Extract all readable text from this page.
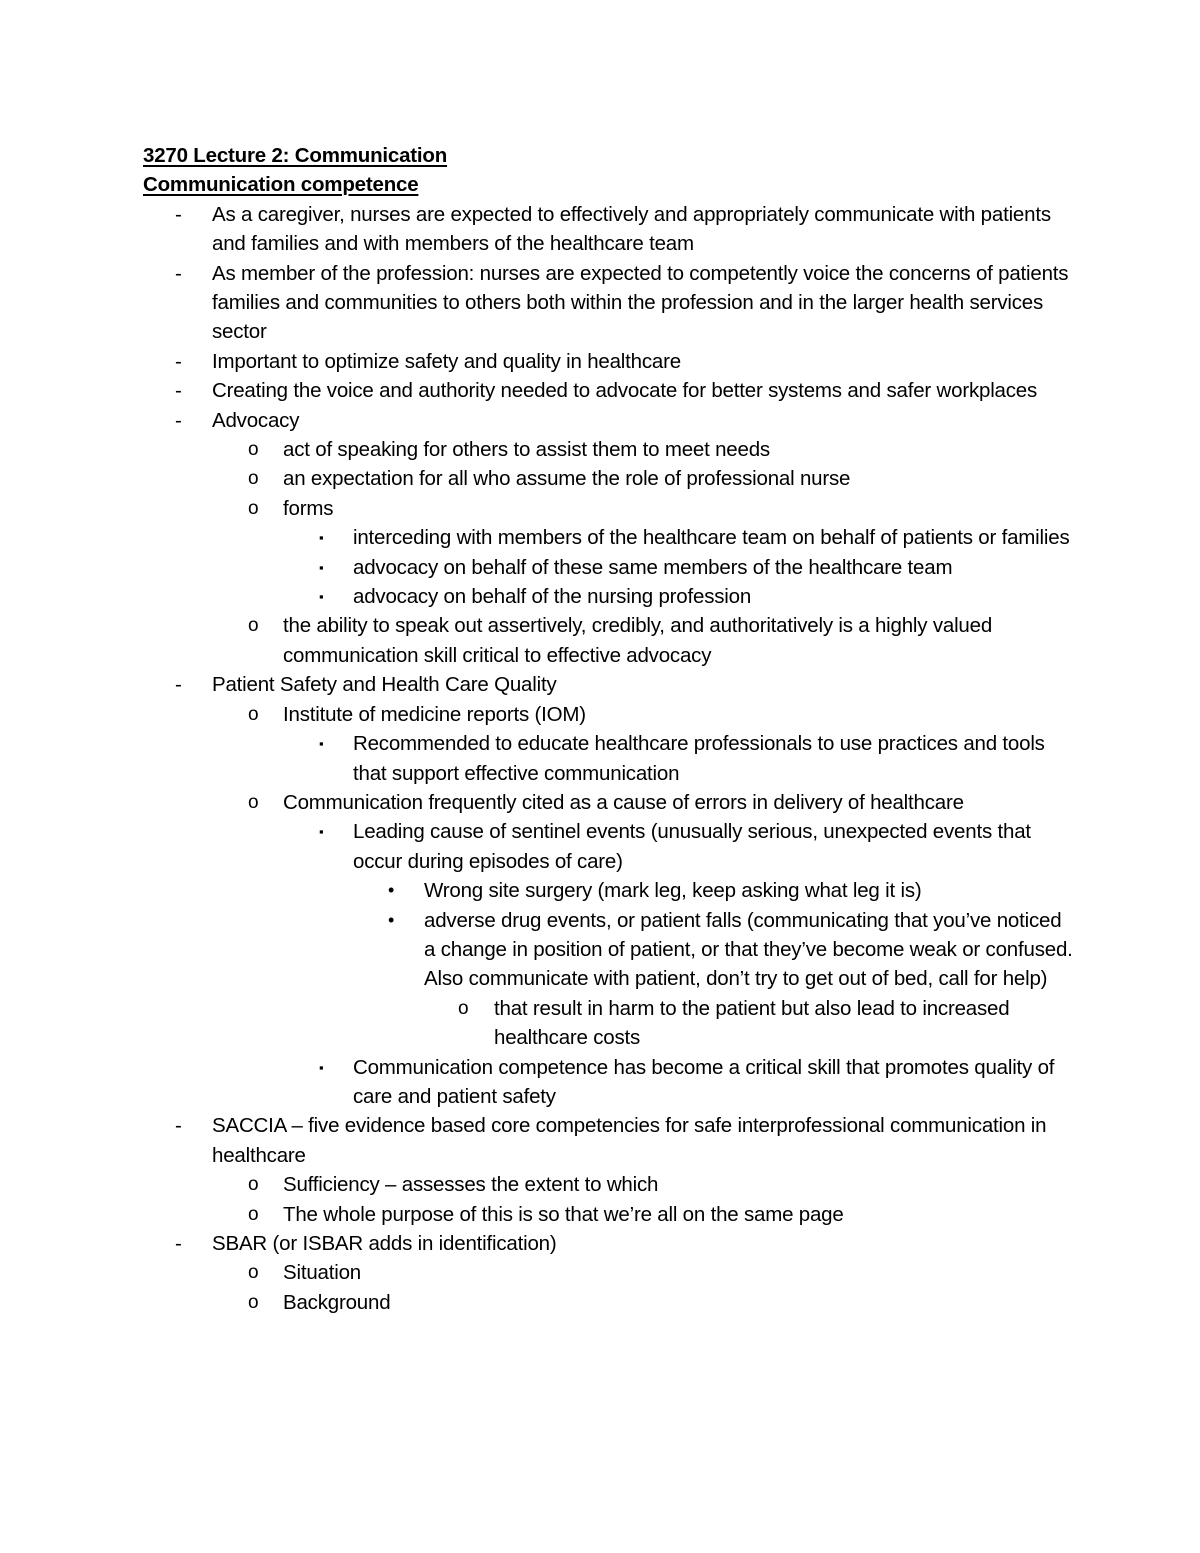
3270 Lecture 2: Communication
Communication competence
- As a caregiver, nurses are expected to effectively and appropriately communicate with patients and families and with members of the healthcare team
- As member of the profession: nurses are expected to competently voice the concerns of patients families and communities to others both within the profession and in the larger health services sector
- Important to optimize safety and quality in healthcare
- Creating the voice and authority needed to advocate for better systems and safer workplaces
- Advocacy
o act of speaking for others to assist them to meet needs
o an expectation for all who assume the role of professional nurse
o forms
▪ interceding with members of the healthcare team on behalf of patients or families
▪ advocacy on behalf of these same members of the healthcare team
▪ advocacy on behalf of the nursing profession
o the ability to speak out assertively, credibly, and authoritatively is a highly valued communication skill critical to effective advocacy
- Patient Safety and Health Care Quality
o Institute of medicine reports (IOM)
▪ Recommended to educate healthcare professionals to use practices and tools that support effective communication
o Communication frequently cited as a cause of errors in delivery of healthcare
▪ Leading cause of sentinel events (unusually serious, unexpected events that occur during episodes of care)
• Wrong site surgery (mark leg, keep asking what leg it is)
• adverse drug events, or patient falls (communicating that you’ve noticed a change in position of patient, or that they’ve become weak or confused. Also communicate with patient, don’t try to get out of bed, call for help)
o that result in harm to the patient but also lead to increased healthcare costs
▪ Communication competence has become a critical skill that promotes quality of care and patient safety
- SACCIA – five evidence based core competencies for safe interprofessional communication in healthcare
o Sufficiency – assesses the extent to which
o The whole purpose of this is so that we’re all on the same page
- SBAR (or ISBAR adds in identification)
o Situation
o Background
